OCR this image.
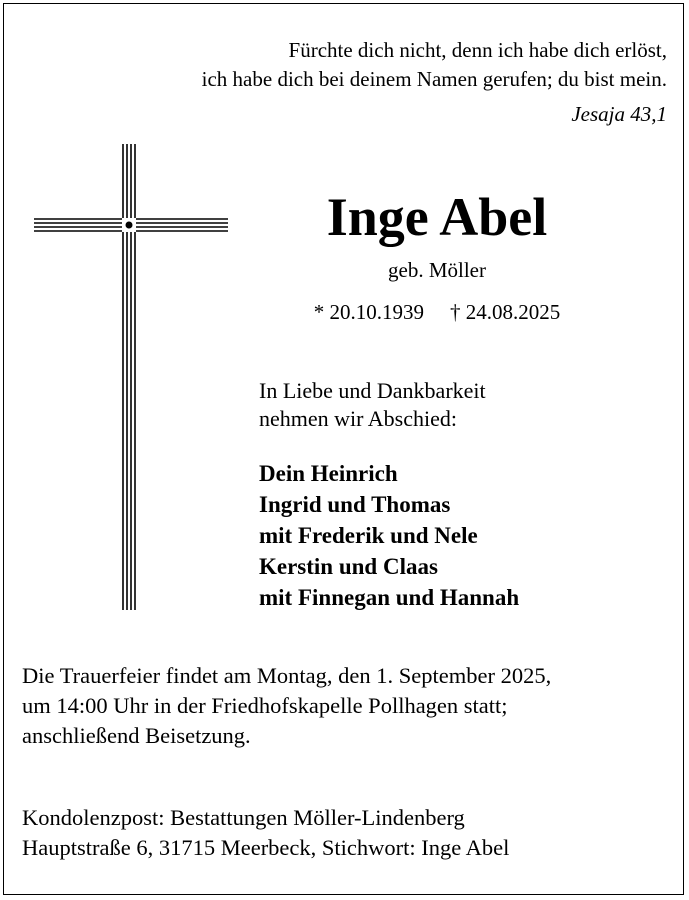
Fürchte dich nicht, denn ich habe dich erlöst,
ich habe dich bei deinem Namen gerufen; du bist mein.
Jesaja 43,1
Inge Abel
geb. Möller
* 20.10.1939 † 24.08.2025
In Liebe und Dankbarkeit
nehmen wir Abschied:
Dein Heinrich
Ingrid und Thomas
mit Frederik und Nele
Kerstin und Claas
mit Finnegan und Hannah
Die Trauerfeier findet am Montag, den 1. September 2025,
um 14:00 Uhr in der Friedhofskapelle Pollhagen statt;
anschließend Beisetzung.
Kondolenzpost: Bestattungen Möller-Lindenberg
Hauptstraße 6, 31715 Meerbeck, Stichwort: Inge Abel
